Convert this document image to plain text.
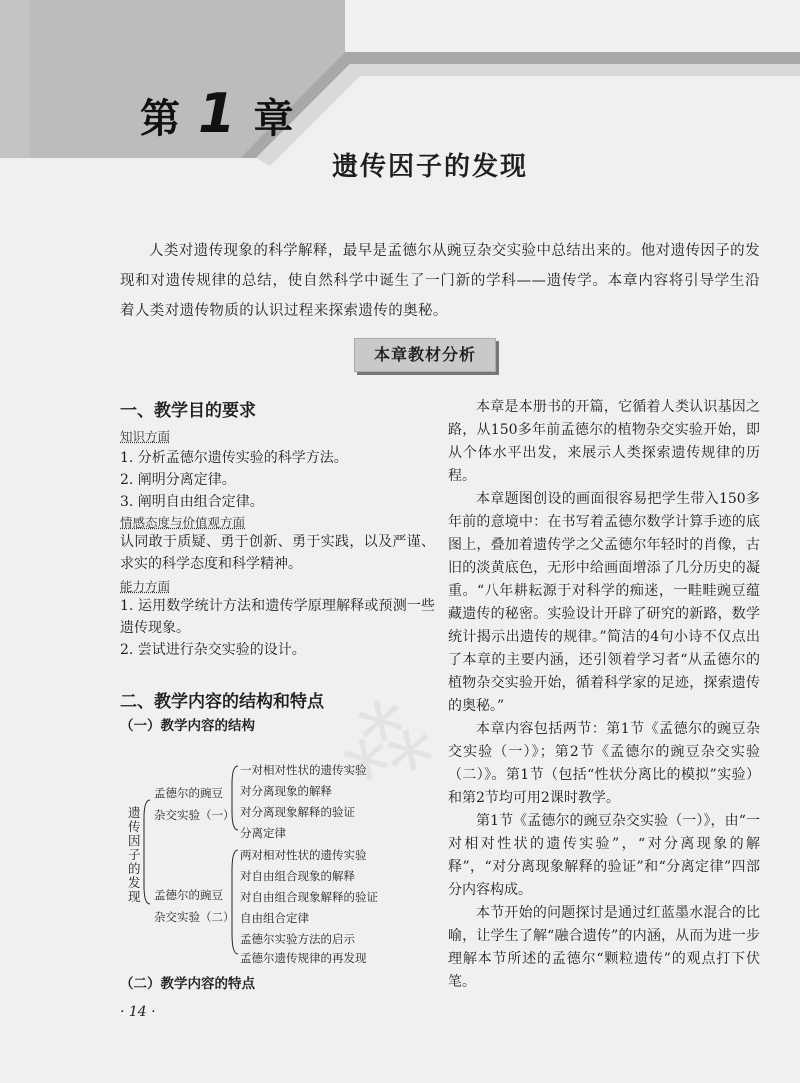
第 1 章
遗传因子的发现
人类对遗传现象的科学解释，最早是孟德尔从豌豆杂交实验中总结出来的。他对遗传因子的发现和对遗传规律的总结，使自然科学中诞生了一门新的学科——遗传学。本章内容将引导学生沿着人类对遗传物质的认识过程来探索遗传的奥秘。
本章教材分析
⁂

一、教学目的要求

知识方面

1. 分析孟德尔遗传实验的科学方法。

2. 阐明分离定律。

3. 阐明自由组合定律。

情感态度与价值观方面

认同敢于质疑、勇于创新、勇于实践，以及严谨、求实的科学态度和科学精神。

能力方面

1. 运用数学统计方法和遗传学原理解释或预测一些遗传现象。

2. 尝试进行杂交实验的设计。

二、教学内容的结构和特点

（一）教学内容的结构

遗传因子的发现
孟德尔的豌豆杂交实验（一）
一对相对性状的遗传实验
对分离现象的解释
对分离现象解释的验证
分离定律
孟德尔的豌豆杂交实验（二）
两对相对性状的遗传实验
对自由组合现象的解释
对自由组合现象解释的验证
自由组合定律
孟德尔实验方法的启示
孟德尔遗传规律的再发现
（二）教学内容的特点

本章是本册书的开篇，它循着人类认识基因之路，从150多年前孟德尔的植物杂交实验开始，即从个体水平出发，来展示人类探索遗传规律的历程。

本章题图创设的画面很容易把学生带入150多年前的意境中：在书写着孟德尔数学计算手迹的底图上，叠加着遗传学之父孟德尔年轻时的肖像，古旧的淡黄底色，无形中给画面增添了几分历史的凝重。“八年耕耘源于对科学的痴迷，一畦畦豌豆蕴藏遗传的秘密。实验设计开辟了研究的新路，数学统计揭示出遗传的规律。”简洁的4句小诗不仅点出了本章的主要内涵，还引领着学习者“从孟德尔的植物杂交实验开始，循着科学家的足迹，探索遗传的奥秘。”

本章内容包括两节：第1节《孟德尔的豌豆杂交实验（一）》；第2节《孟德尔的豌豆杂交实验（二）》。第1节（包括“性状分离比的模拟”实验）和第2节均可用2课时教学。

第1节《孟德尔的豌豆杂交实验（一）》，由“一对相对性状的遗传实验”，“对分离现象的解释”，“对分离现象解释的验证”和“分离定律”四部分内容构成。

本节开始的问题探讨是通过红蓝墨水混合的比喻，让学生了解“融合遗传”的内涵，从而为进一步理解本节所述的孟德尔“颗粒遗传”的观点打下伏笔。

· 14 ·
